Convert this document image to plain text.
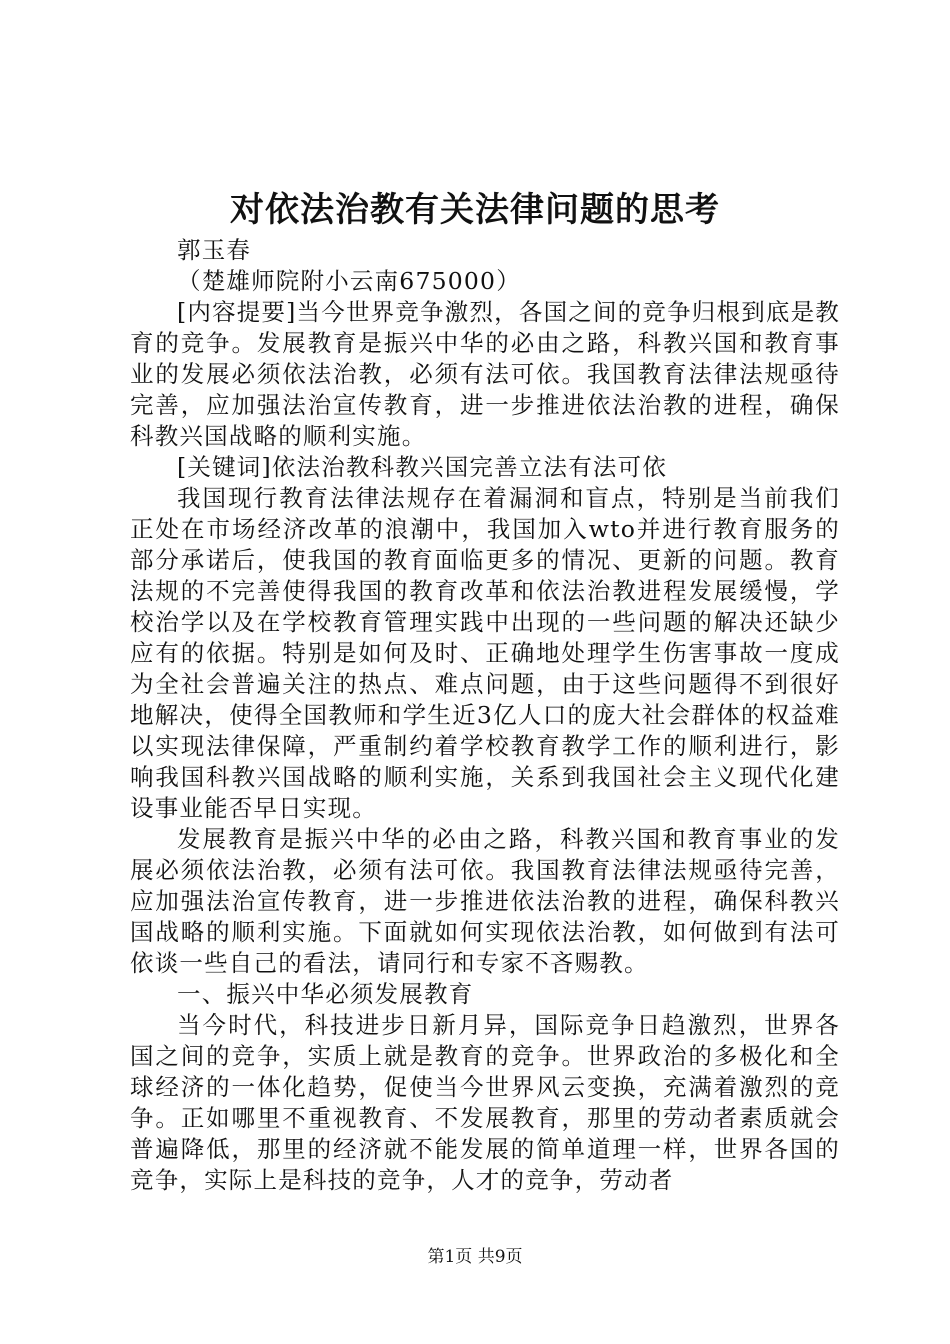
对依法治教有关法律问题的思考

郭玉春

（楚雄师院附小云南675000）

[内容提要]当今世界竞争激烈，各国之间的竞争归根到底是教育的竞争。发展教育是振兴中华的必由之路，科教兴国和教育事业的发展必须依法治教，必须有法可依。我国教育法律法规亟待完善，应加强法治宣传教育，进一步推进依法治教的进程，确保科教兴国战略的顺利实施。

[关键词]依法治教科教兴国完善立法有法可依

我国现行教育法律法规存在着漏洞和盲点，特别是当前我们正处在市场经济改革的浪潮中，我国加入wto并进行教育服务的部分承诺后，使我国的教育面临更多的情况、更新的问题。教育法规的不完善使得我国的教育改革和依法治教进程发展缓慢，学校治学以及在学校教育管理实践中出现的一些问题的解决还缺少应有的依据。特别是如何及时、正确地处理学生伤害事故一度成为全社会普遍关注的热点、难点问题，由于这些问题得不到很好地解决，使得全国教师和学生近3亿人口的庞大社会群体的权益难以实现法律保障，严重制约着学校教育教学工作的顺利进行，影响我国科教兴国战略的顺利实施，关系到我国社会主义现代化建设事业能否早日实现。

发展教育是振兴中华的必由之路，科教兴国和教育事业的发展必须依法治教，必须有法可依。我国教育法律法规亟待完善，应加强法治宣传教育，进一步推进依法治教的进程，确保科教兴国战略的顺利实施。下面就如何实现依法治教，如何做到有法可依谈一些自己的看法，请同行和专家不吝赐教。

一、振兴中华必须发展教育

当今时代，科技进步日新月异，国际竞争日趋激烈，世界各国之间的竞争，实质上就是教育的竞争。世界政治的多极化和全球经济的一体化趋势，促使当今世界风云变换，充满着激烈的竞争。正如哪里不重视教育、不发展教育，那里的劳动者素质就会普遍降低，那里的经济就不能发展的简单道理一样，世界各国的竞争，实际上是科技的竞争，人才的竞争，劳动者

第1页 共9页
